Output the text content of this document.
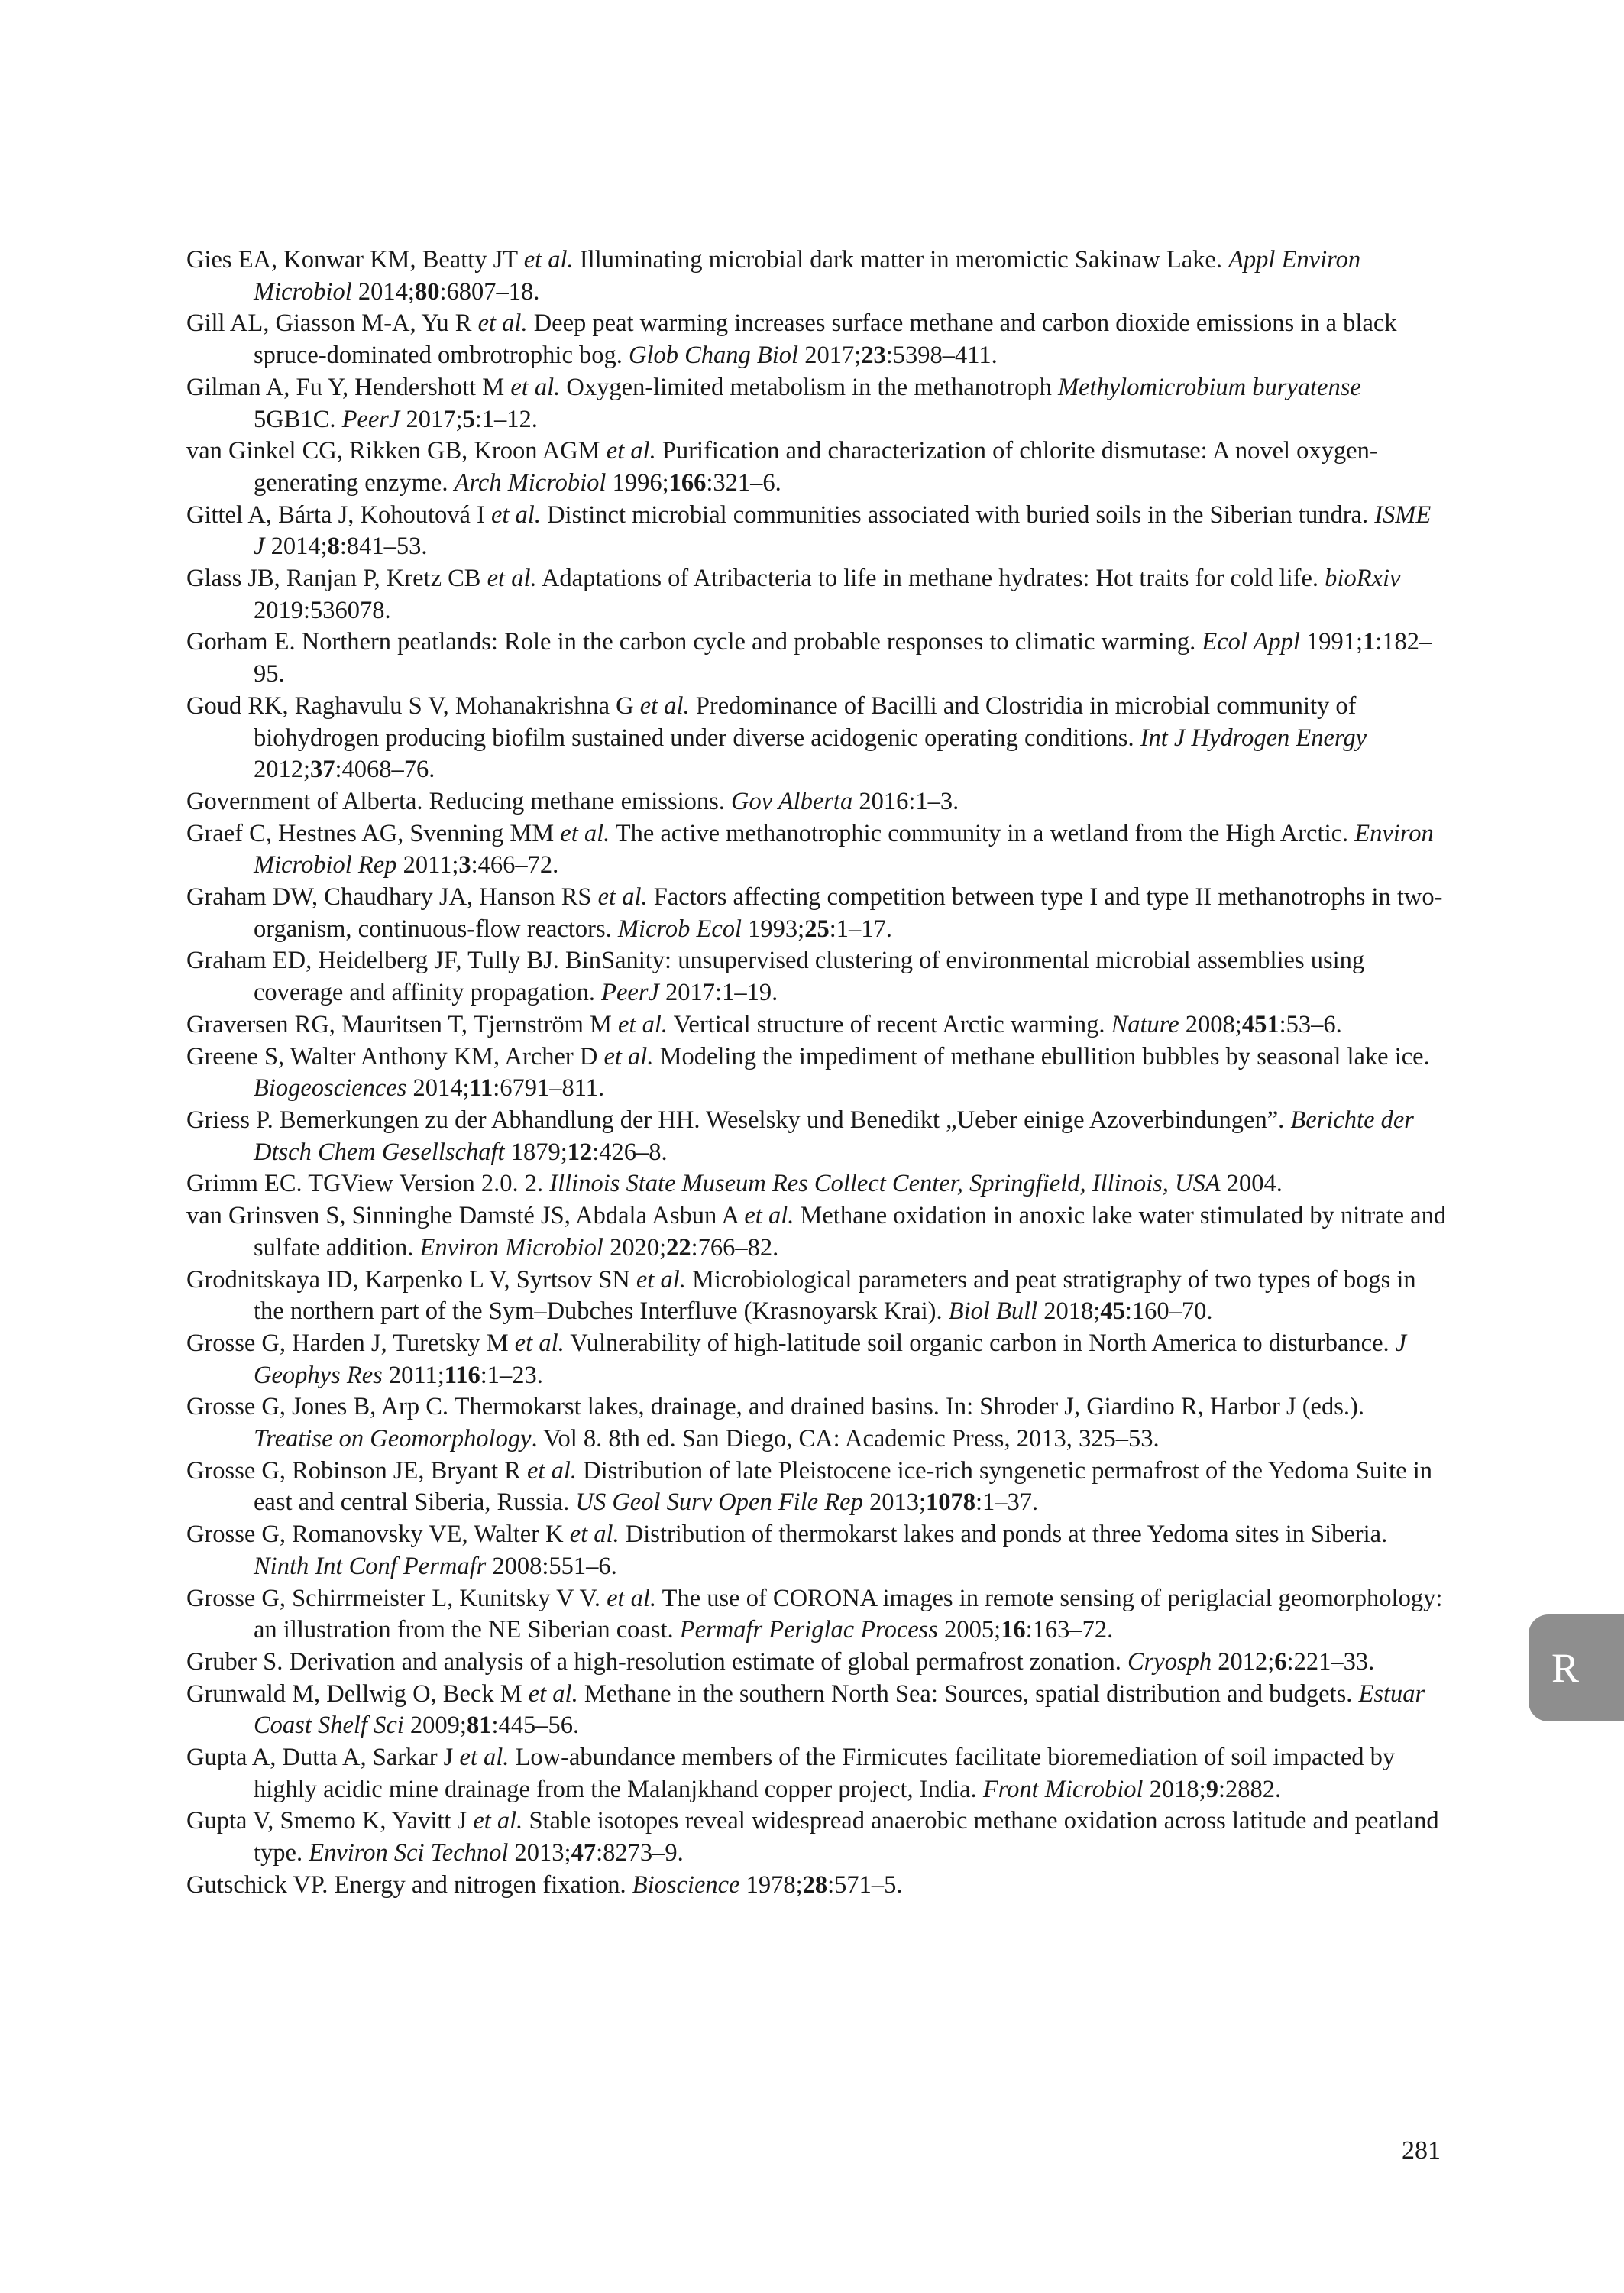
Gies EA, Konwar KM, Beatty JT et al. Illuminating microbial dark matter in meromictic Sakinaw Lake. Appl Environ Microbiol 2014;80:6807–18.
Gill AL, Giasson M-A, Yu R et al. Deep peat warming increases surface methane and carbon dioxide emissions in a black spruce-dominated ombrotrophic bog. Glob Chang Biol 2017;23:5398–411.
Gilman A, Fu Y, Hendershott M et al. Oxygen-limited metabolism in the methanotroph Methylomicrobium buryatense 5GB1C. PeerJ 2017;5:1–12.
van Ginkel CG, Rikken GB, Kroon AGM et al. Purification and characterization of chlorite dismutase: A novel oxygen-generating enzyme. Arch Microbiol 1996;166:321–6.
Gittel A, Bárta J, Kohoutová I et al. Distinct microbial communities associated with buried soils in the Siberian tundra. ISME J 2014;8:841–53.
Glass JB, Ranjan P, Kretz CB et al. Adaptations of Atribacteria to life in methane hydrates: Hot traits for cold life. bioRxiv 2019:536078.
Gorham E. Northern peatlands: Role in the carbon cycle and probable responses to climatic warming. Ecol Appl 1991;1:182–95.
Goud RK, Raghavulu S V, Mohanakrishna G et al. Predominance of Bacilli and Clostridia in microbial community of biohydrogen producing biofilm sustained under diverse acidogenic operating conditions. Int J Hydrogen Energy 2012;37:4068–76.
Government of Alberta. Reducing methane emissions. Gov Alberta 2016:1–3.
Graef C, Hestnes AG, Svenning MM et al. The active methanotrophic community in a wetland from the High Arctic. Environ Microbiol Rep 2011;3:466–72.
Graham DW, Chaudhary JA, Hanson RS et al. Factors affecting competition between type I and type II methanotrophs in two-organism, continuous-flow reactors. Microb Ecol 1993;25:1–17.
Graham ED, Heidelberg JF, Tully BJ. BinSanity: unsupervised clustering of environmental microbial assemblies using coverage and affinity propagation. PeerJ 2017:1–19.
Graversen RG, Mauritsen T, Tjernström M et al. Vertical structure of recent Arctic warming. Nature 2008;451:53–6.
Greene S, Walter Anthony KM, Archer D et al. Modeling the impediment of methane ebullition bubbles by seasonal lake ice. Biogeosciences 2014;11:6791–811.
Griess P. Bemerkungen zu der Abhandlung der HH. Weselsky und Benedikt „Ueber einige Azoverbindungen”. Berichte der Dtsch Chem Gesellschaft 1879;12:426–8.
Grimm EC. TGView Version 2.0. 2. Illinois State Museum Res Collect Center, Springfield, Illinois, USA 2004.
van Grinsven S, Sinninghe Damsté JS, Abdala Asbun A et al. Methane oxidation in anoxic lake water stimulated by nitrate and sulfate addition. Environ Microbiol 2020;22:766–82.
Grodnitskaya ID, Karpenko L V, Syrtsov SN et al. Microbiological parameters and peat stratigraphy of two types of bogs in the northern part of the Sym–Dubches Interfluve (Krasnoyarsk Krai). Biol Bull 2018;45:160–70.
Grosse G, Harden J, Turetsky M et al. Vulnerability of high-latitude soil organic carbon in North America to disturbance. J Geophys Res 2011;116:1–23.
Grosse G, Jones B, Arp C. Thermokarst lakes, drainage, and drained basins. In: Shroder J, Giardino R, Harbor J (eds.). Treatise on Geomorphology. Vol 8. 8th ed. San Diego, CA: Academic Press, 2013, 325–53.
Grosse G, Robinson JE, Bryant R et al. Distribution of late Pleistocene ice-rich syngenetic permafrost of the Yedoma Suite in east and central Siberia, Russia. US Geol Surv Open File Rep 2013;1078:1–37.
Grosse G, Romanovsky VE, Walter K et al. Distribution of thermokarst lakes and ponds at three Yedoma sites in Siberia. Ninth Int Conf Permafr 2008:551–6.
Grosse G, Schirrmeister L, Kunitsky V V. et al. The use of CORONA images in remote sensing of periglacial geomorphology: an illustration from the NE Siberian coast. Permafr Periglac Process 2005;16:163–72.
Gruber S. Derivation and analysis of a high-resolution estimate of global permafrost zonation. Cryosph 2012;6:221–33.
Grunwald M, Dellwig O, Beck M et al. Methane in the southern North Sea: Sources, spatial distribution and budgets. Estuar Coast Shelf Sci 2009;81:445–56.
Gupta A, Dutta A, Sarkar J et al. Low-abundance members of the Firmicutes facilitate bioremediation of soil impacted by highly acidic mine drainage from the Malanjkhand copper project, India. Front Microbiol 2018;9:2882.
Gupta V, Smemo K, Yavitt J et al. Stable isotopes reveal widespread anaerobic methane oxidation across latitude and peatland type. Environ Sci Technol 2013;47:8273–9.
Gutschick VP. Energy and nitrogen fixation. Bioscience 1978;28:571–5.
R
281
